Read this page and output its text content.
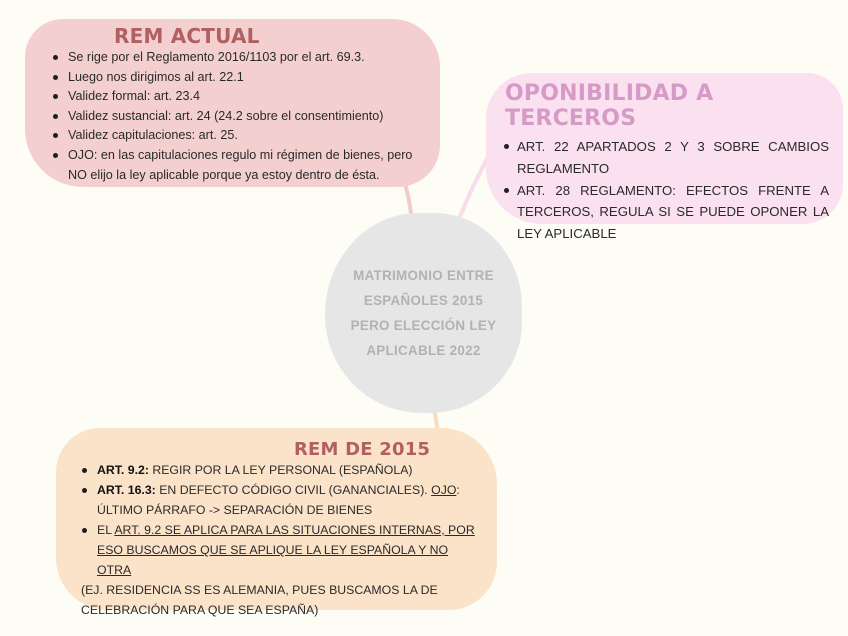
REM ACTUAL
Se rige por el Reglamento 2016/1103 por el art. 69.3.
Luego nos dirigimos al art. 22.1
Validez formal: art. 23.4
Validez sustancial: art. 24 (24.2 sobre el consentimiento)
Validez capitulaciones: art. 25.
OJO: en las capitulaciones regulo mi régimen de bienes, pero NO elijo la ley aplicable porque ya estoy dentro de ésta.
OPONIBILIDAD A TERCEROS
ART. 22 APARTADOS 2 Y 3 SOBRE CAMBIOS REGLAMENTO
ART. 28 REGLAMENTO: EFECTOS FRENTE A TERCEROS, REGULA SI SE PUEDE OPONER LA LEY APLICABLE
MATRIMONIO ENTRE ESPAÑOLES 2015 PERO ELECCIÓN LEY APLICABLE 2022
REM DE 2015
ART. 9.2: REGIR POR LA LEY PERSONAL (ESPAÑOLA)
ART. 16.3: EN DEFECTO CÓDIGO CIVIL (GANANCIALES). OJO: ÚLTIMO PÁRRAFO -> SEPARACIÓN DE BIENES
EL ART. 9.2 SE APLICA PARA LAS SITUACIONES INTERNAS, POR ESO BUSCAMOS QUE SE APLIQUE LA LEY ESPAÑOLA Y NO OTRA
(EJ. RESIDENCIA SS ES ALEMANIA, PUES BUSCAMOS LA DE CELEBRACIÓN PARA QUE SEA ESPAÑA)
